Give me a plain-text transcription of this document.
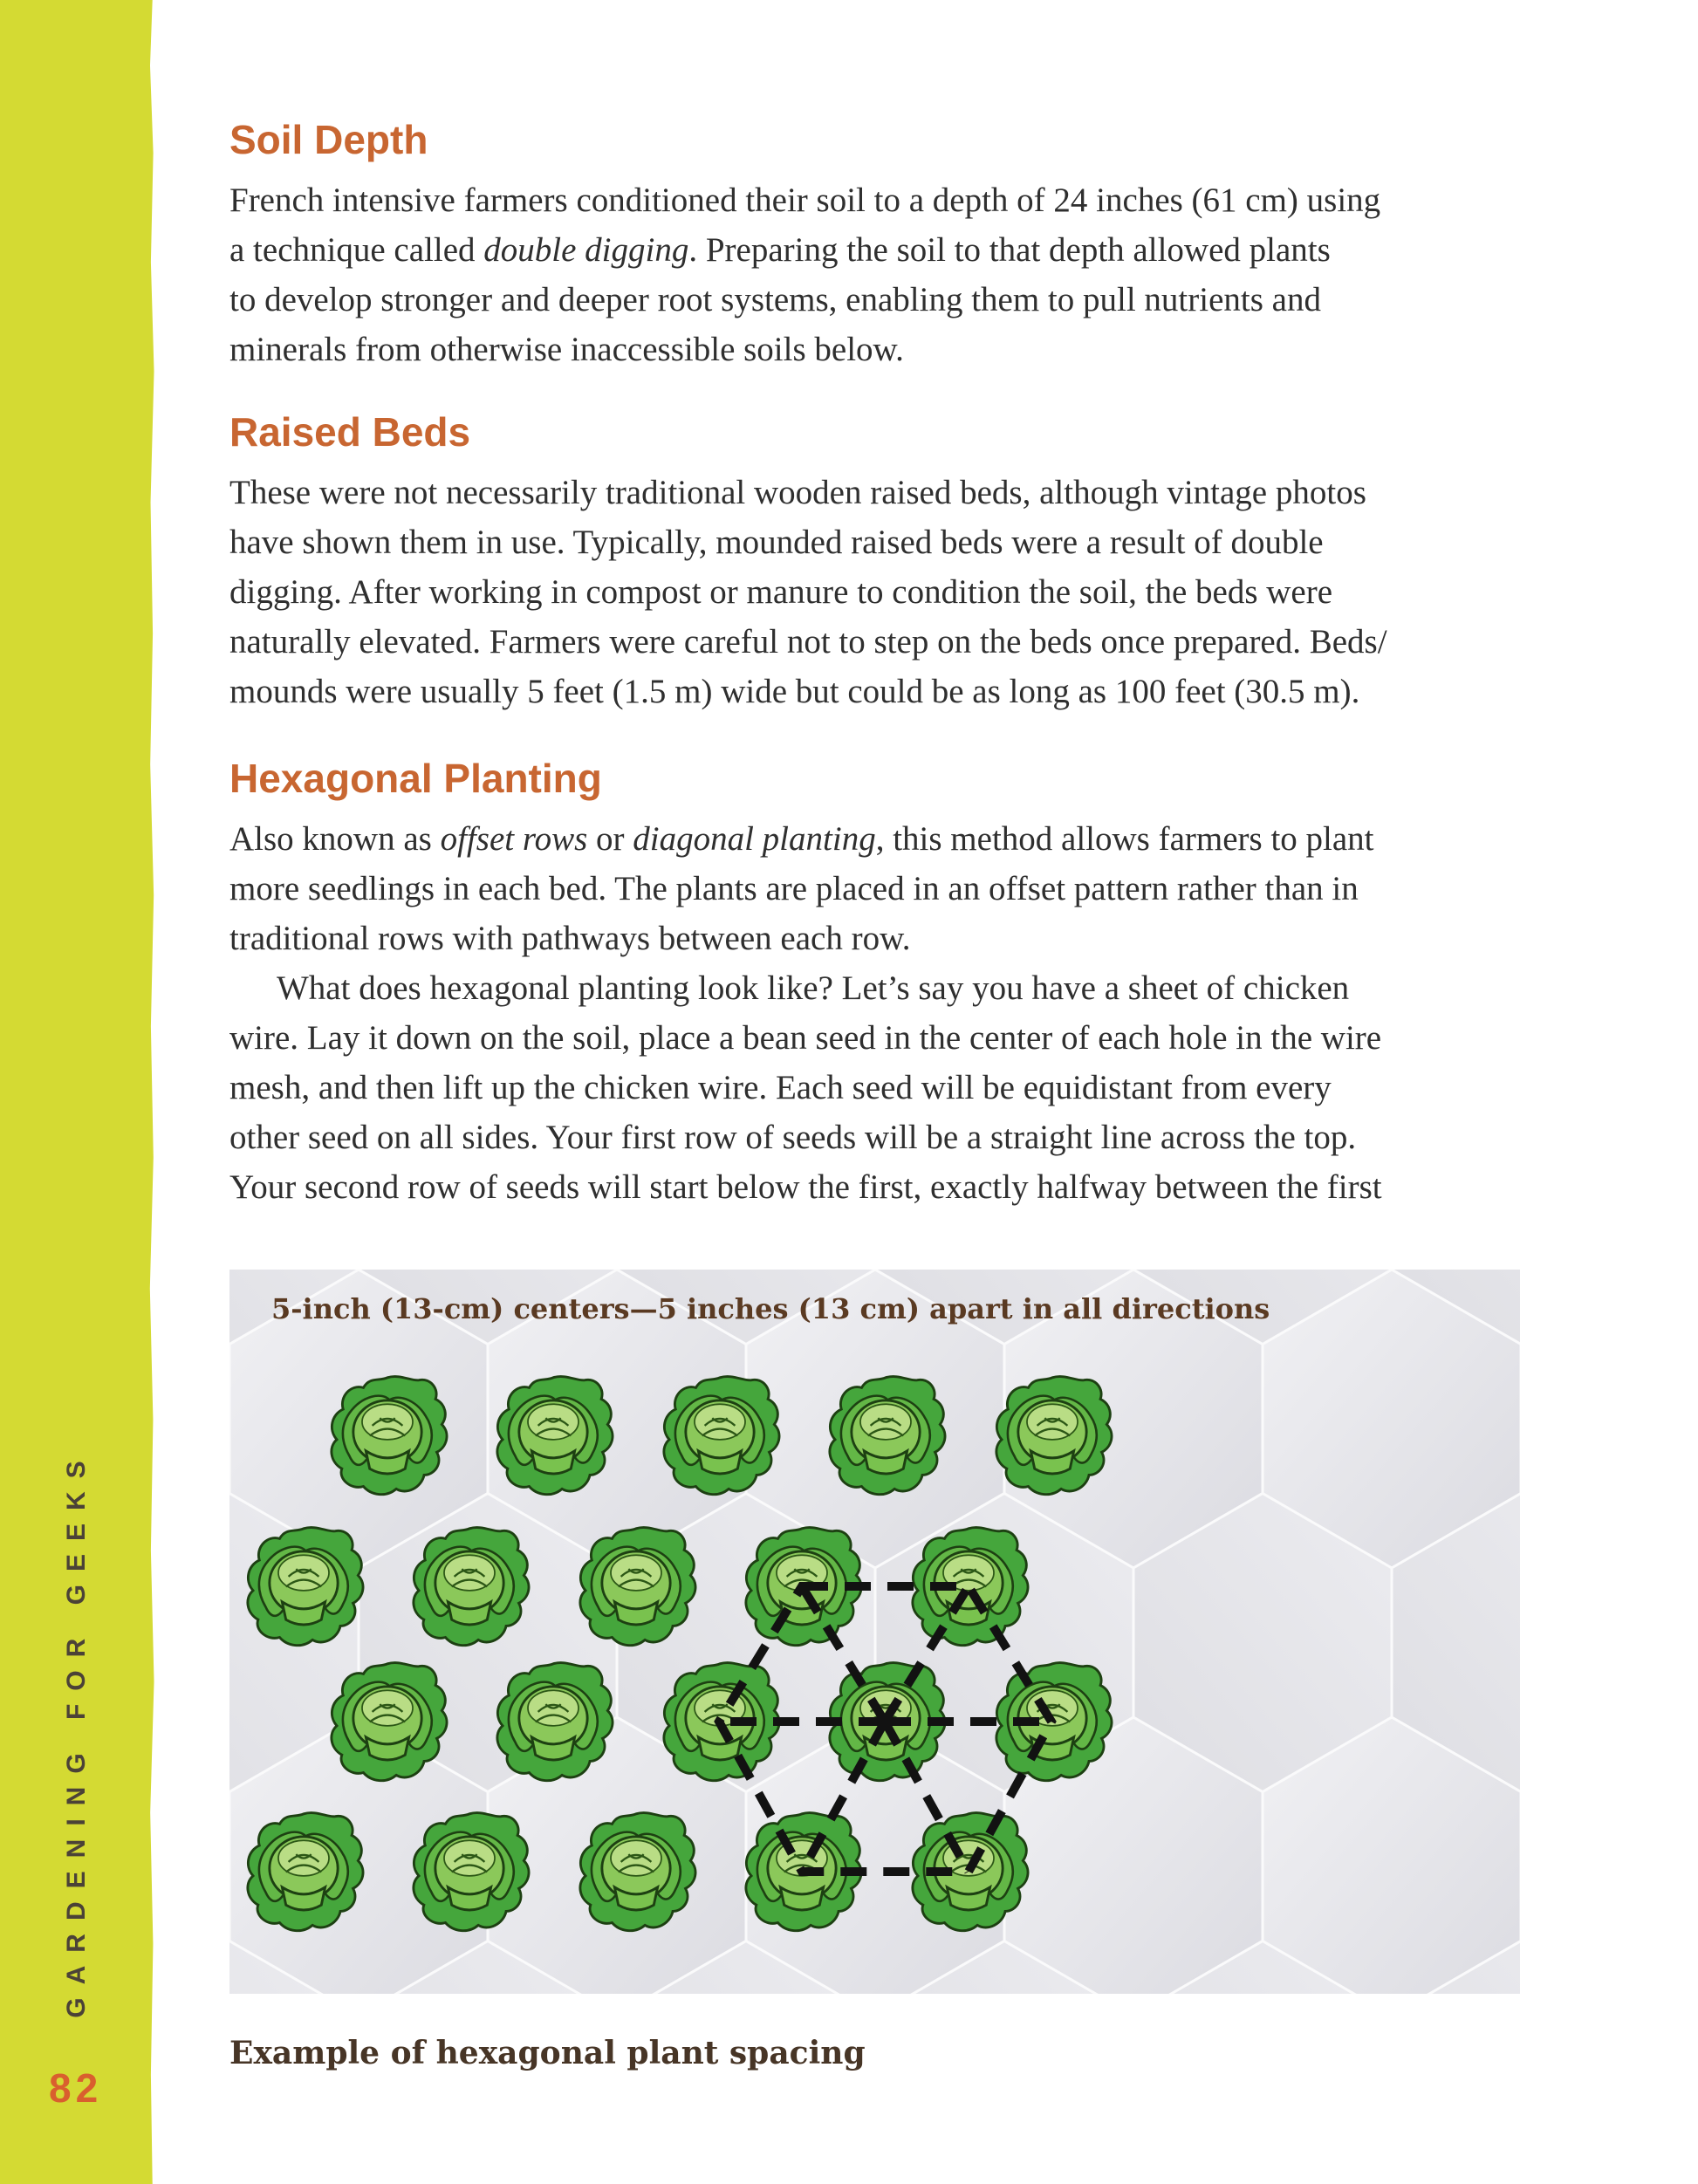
GARDENING FOR GEEKS
82
Soil Depth
French intensive farmers conditioned their soil to a depth of 24 inches (61 cm) using
a technique called double digging. Preparing the soil to that depth allowed plants
to develop stronger and deeper root systems, enabling them to pull nutrients and
minerals from otherwise inaccessible soils below.
Raised Beds
These were not necessarily traditional wooden raised beds, although vintage photos
have shown them in use. Typically, mounded raised beds were a result of double
digging. After working in compost or manure to condition the soil, the beds were
naturally elevated. Farmers were careful not to step on the beds once prepared. Beds/
mounds were usually 5 feet (1.5 m) wide but could be as long as 100 feet (30.5 m).
Hexagonal Planting
Also known as offset rows or diagonal planting, this method allows farmers to plant
more seedlings in each bed. The plants are placed in an offset pattern rather than in
traditional rows with pathways between each row.
What does hexagonal planting look like? Let’s say you have a sheet of chicken
wire. Lay it down on the soil, place a bean seed in the center of each hole in the wire
mesh, and then lift up the chicken wire. Each seed will be equidistant from every
other seed on all sides. Your first row of seeds will be a straight line across the top.
Your second row of seeds will start below the first, exactly halfway between the first
5-inch (13-cm) centers—5 inches (13 cm) apart in all directions
Example of hexagonal plant spacing
